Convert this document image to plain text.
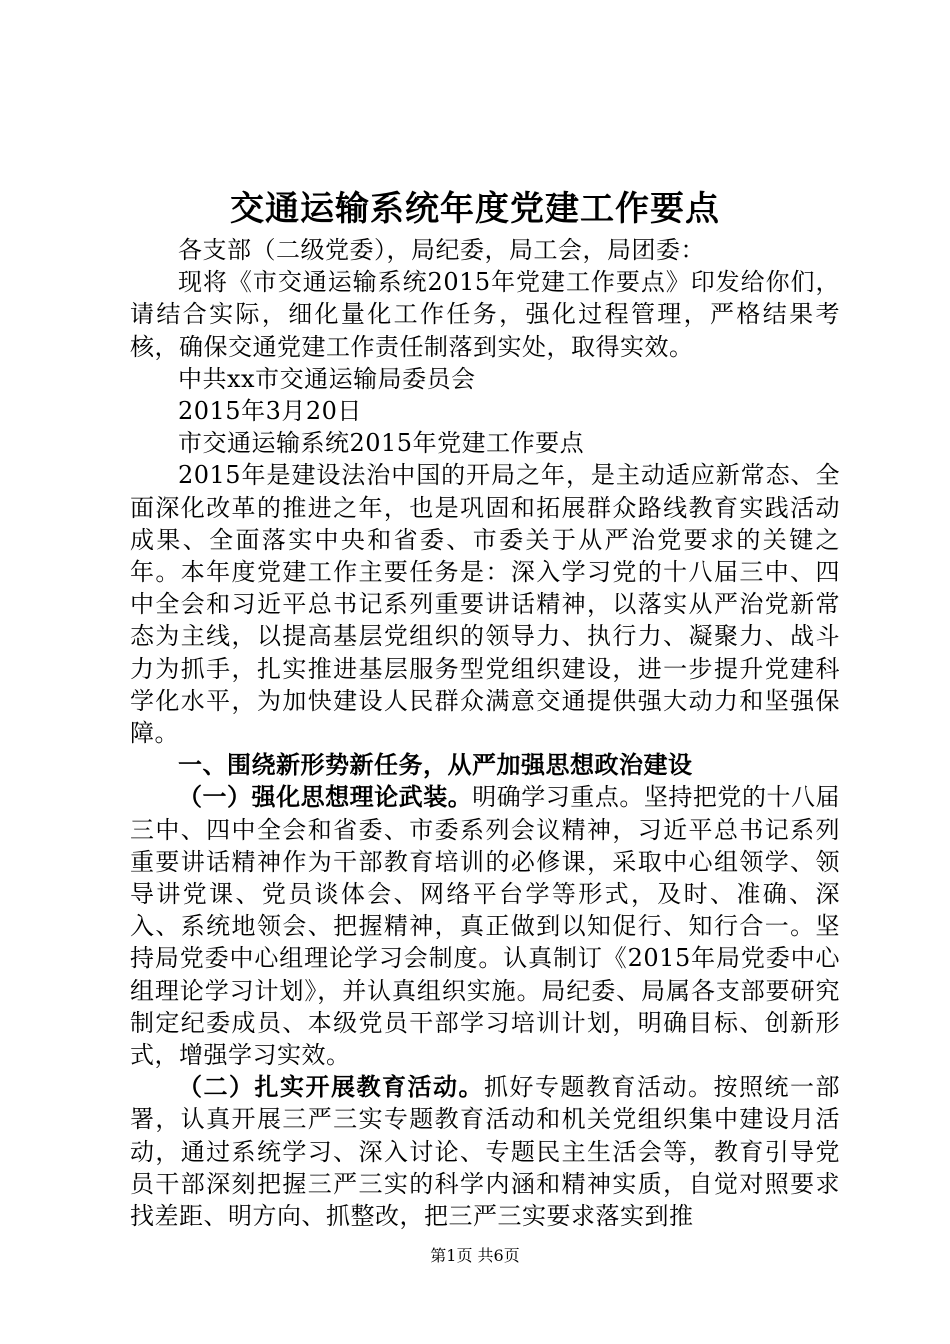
交通运输系统年度党建工作要点

各支部（二级党委），局纪委，局工会，局团委：

现将《市交通运输系统2015年党建工作要点》印发给你们，请结合实际，细化量化工作任务，强化过程管理，严格结果考核，确保交通党建工作责任制落到实处，取得实效。

中共xx市交通运输局委员会

2015年3月20日

市交通运输系统2015年党建工作要点

2015年是建设法治中国的开局之年，是主动适应新常态、全面深化改革的推进之年，也是巩固和拓展群众路线教育实践活动成果、全面落实中央和省委、市委关于从严治党要求的关键之年。本年度党建工作主要任务是：深入学习党的十八届三中、四中全会和习近平总书记系列重要讲话精神，以落实从严治党新常态为主线，以提高基层党组织的领导力、执行力、凝聚力、战斗力为抓手，扎实推进基层服务型党组织建设，进一步提升党建科学化水平，为加快建设人民群众满意交通提供强大动力和坚强保障。

一、围绕新形势新任务，从严加强思想政治建设

（一）强化思想理论武装。明确学习重点。坚持把党的十八届三中、四中全会和省委、市委系列会议精神，习近平总书记系列重要讲话精神作为干部教育培训的必修课，采取中心组领学、领导讲党课、党员谈体会、网络平台学等形式，及时、准确、深入、系统地领会、把握精神，真正做到以知促行、知行合一。坚持局党委中心组理论学习会制度。认真制订《2015年局党委中心组理论学习计划》，并认真组织实施。局纪委、局属各支部要研究制定纪委成员、本级党员干部学习培训计划，明确目标、创新形式，增强学习实效。

（二）扎实开展教育活动。抓好专题教育活动。按照统一部署，认真开展三严三实专题教育活动和机关党组织集中建设月活动，通过系统学习、深入讨论、专题民主生活会等，教育引导党员干部深刻把握三严三实的科学内涵和精神实质，自觉对照要求找差距、明方向、抓整改，把三严三实要求落实到推

第1页 共6页
